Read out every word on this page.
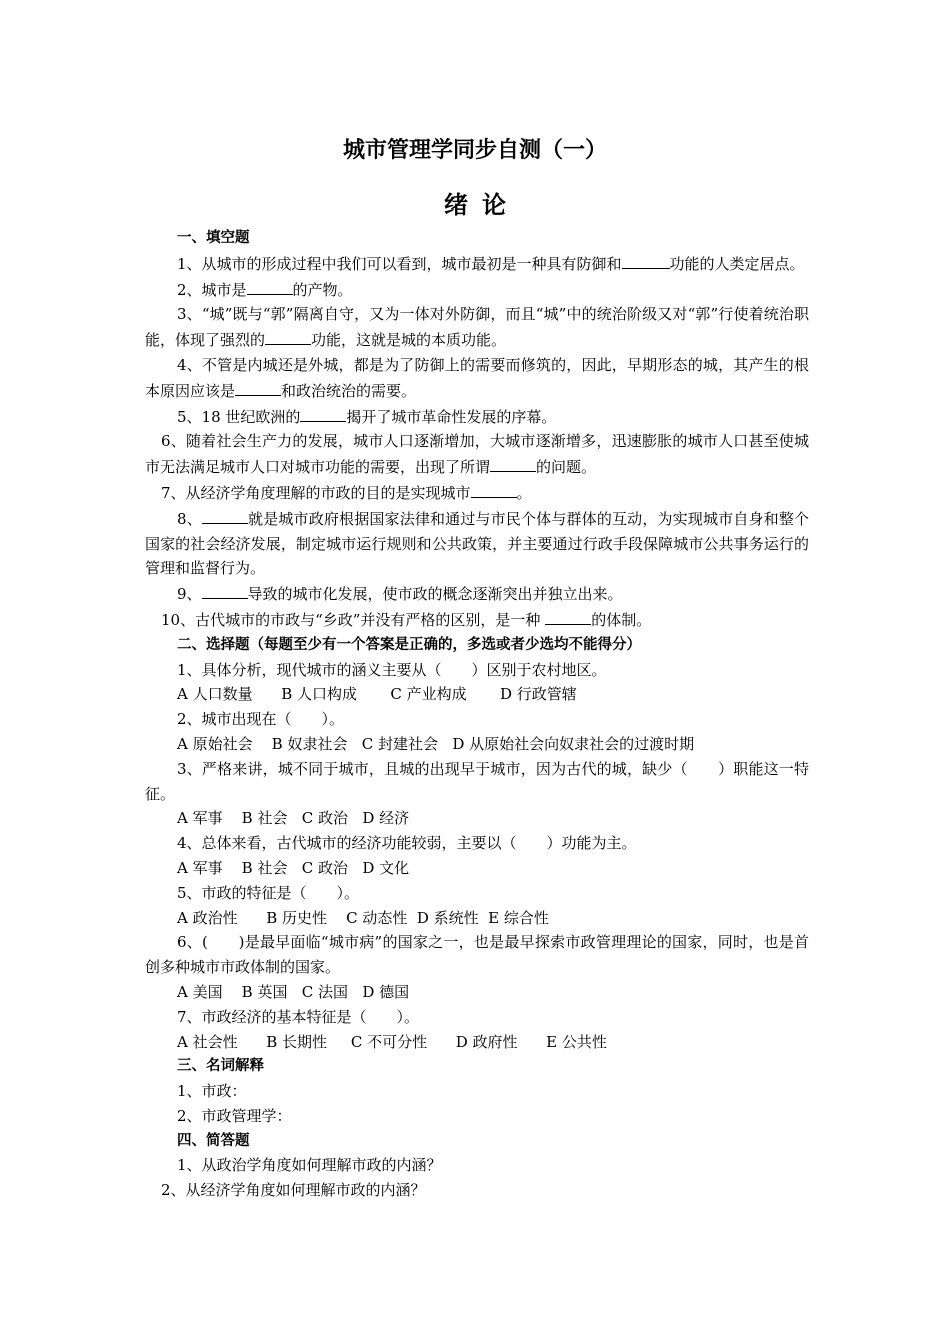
城市管理学同步自测（一）
绪论

一、填空题

1、从城市的形成过程中我们可以看到，城市最初是一种具有防御和	功能的人类定居点。

2、城市是	的产物。

3、“城”既与“郭”隔离自守，又为一体对外防御，而且“城”中的统治阶级又对“郭”行使着统治职能，体现了强烈的	功能，这就是城的本质功能。

4、不管是内城还是外城，都是为了防御上的需要而修筑的，因此，早期形态的城，其产生的根本原因应该是	和政治统治的需要。

5、18 世纪欧洲的	揭开了城市革命性发展的序幕。

6、随着社会生产力的发展，城市人口逐渐增加，大城市逐渐增多，迅速膨胀的城市人口甚至使城市无法满足城市人口对城市功能的需要，出现了所谓	的问题。

7、从经济学角度理解的市政的目的是实现城市	。

8、	就是城市政府根据国家法律和通过与市民个体与群体的互动，为实现城市自身和整个国家的社会经济发展，制定城市运行规则和公共政策，并主要通过行政手段保障城市公共事务运行的管理和监督行为。

9、	导致的城市化发展，使市政的概念逐渐突出并独立出来。

10、古代城市的市政与“乡政”并没有严格的区别，是一种	的体制。

二、选择题（每题至少有一个答案是正确的，多选或者少选均不能得分）

1、具体分析，现代城市的涵义主要从（　　）区别于农村地区。

A 人口数量      B 人口构成       C 产业构成       D 行政管辖

2、城市出现在（　　）。

A 原始社会    B 奴隶社会   C 封建社会   D 从原始社会向奴隶社会的过渡时期

3、严格来讲，城不同于城市，且城的出现早于城市，因为古代的城，缺少（　　）职能这一特征。

A 军事    B 社会   C 政治   D 经济

4、总体来看，古代城市的经济功能较弱，主要以（　　）功能为主。

A 军事    B 社会   C 政治   D 文化

5、市政的特征是（　　）。

A 政治性      B 历史性    C 动态性  D 系统性  E 综合性

6、(　　)是最早面临“城市病”的国家之一，也是最早探索市政管理理论的国家，同时，也是首创多种城市市政体制的国家。

A 美国    B 英国   C 法国   D 德国

7、市政经济的基本特征是（　　）。

A 社会性      B 长期性     C 不可分性      D 政府性      E 公共性

三、名词解释

1、市政：

2、市政管理学：

四、简答题

1、从政治学角度如何理解市政的内涵？

2、从经济学角度如何理解市政的内涵？
